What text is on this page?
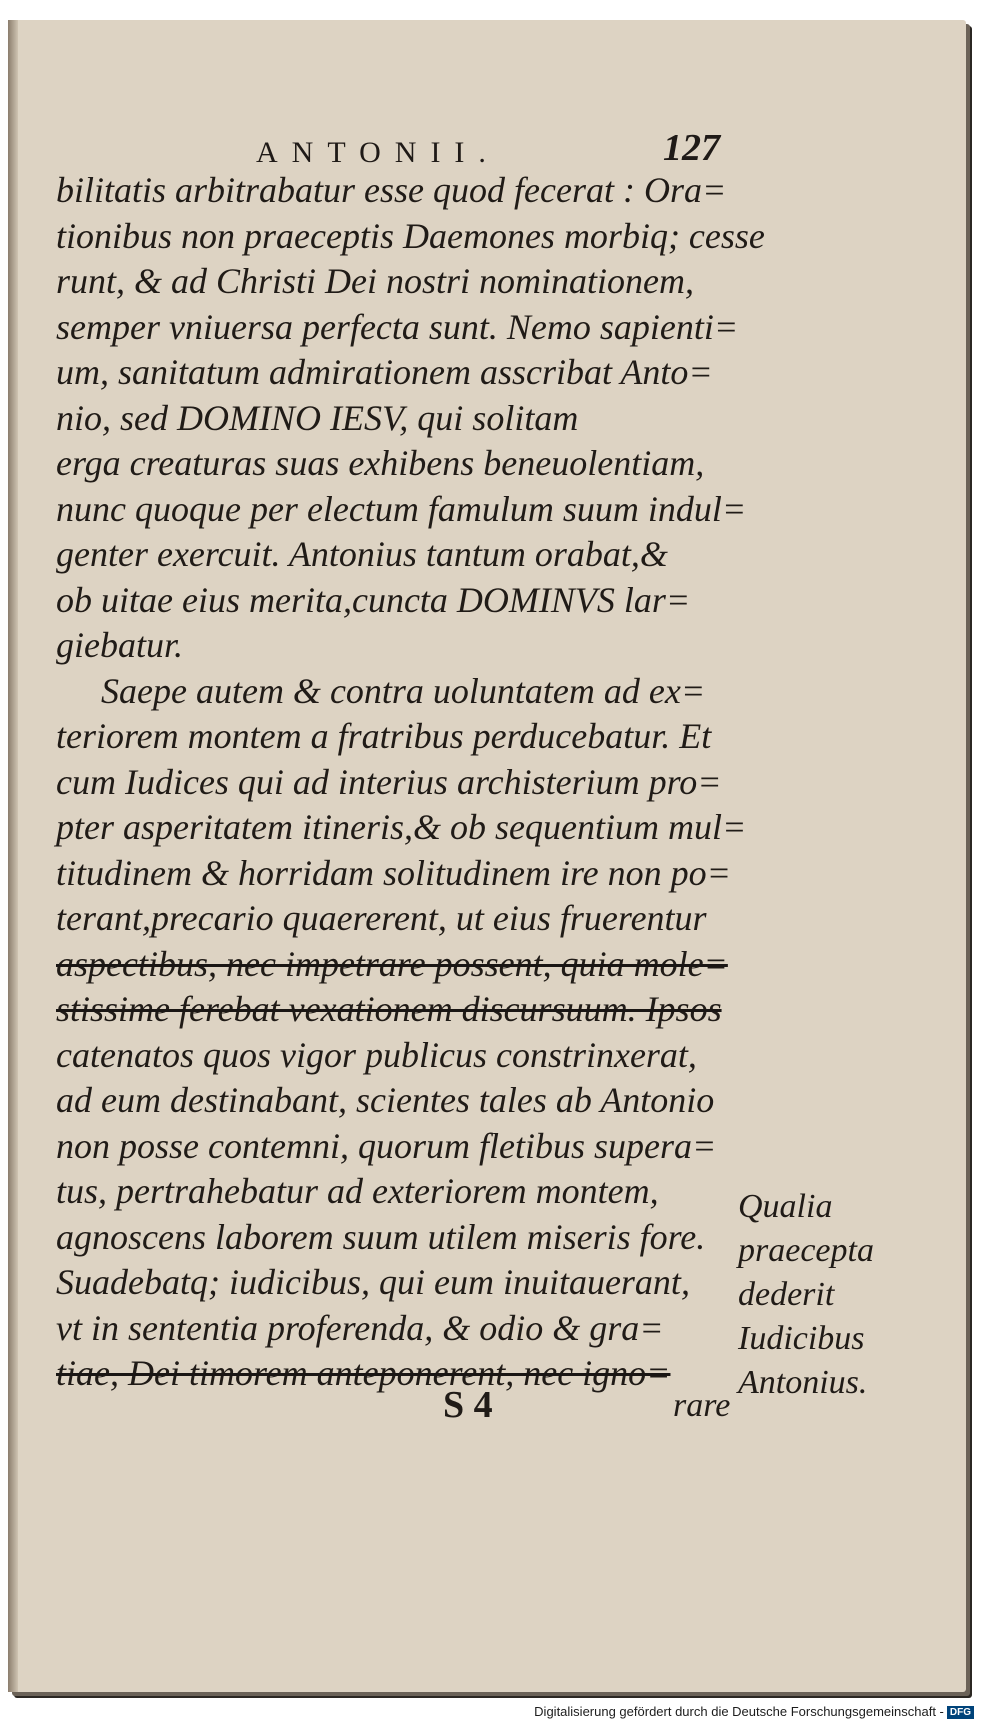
ANTONII.	127
bilitatis arbitrabatur esse quod fecerat : Ora=
tionibus non praeceptis Daemones morbiq; cesse
runt, & ad Christi Dei nostri nominationem,
semper vniuersa perfecta sunt. Nemo sapienti=
um, sanitatum admirationem asscribat Anto=
nio, sed DOMINO IESV, qui solitam
erga creaturas suas exhibens beneuolentiam,
nunc quoque per electum famulum suum indul=
genter exercuit. Antonius tantum orabat,&
ob uitae eius merita,cuncta DOMINVS lar=
giebatur.
Saepe autem & contra uoluntatem ad ex=
teriorem montem a fratribus perducebatur. Et
cum Iudices qui ad interius archisterium pro=
pter asperitatem itineris,& ob sequentium mul=
titudinem & horridam solitudinem ire non po=
terant,precario quaererent, ut eius fruerentur
aspectibus, nec impetrare possent, quia mole=
stissime ferebat vexationem discursuum. Ipsos
catenatos quos vigor publicus constrinxerat,
ad eum destinabant, scientes tales ab Antonio
non posse contemni, quorum fletibus supera=
tus, pertrahebatur ad exteriorem montem,
agnoscens laborem suum utilem miseris fore.
Suadebatq; iudicibus, qui eum inuitauerant,
vt in sententia proferenda, & odio & gra=
tiae, Dei timorem anteponerent, nec igno=
Qualia
praecepta
dederit
Iudicibus
Antonius.
S 4	rare
Digitalisierung gefördert durch die Deutsche Forschungsgemeinschaft - DFG
